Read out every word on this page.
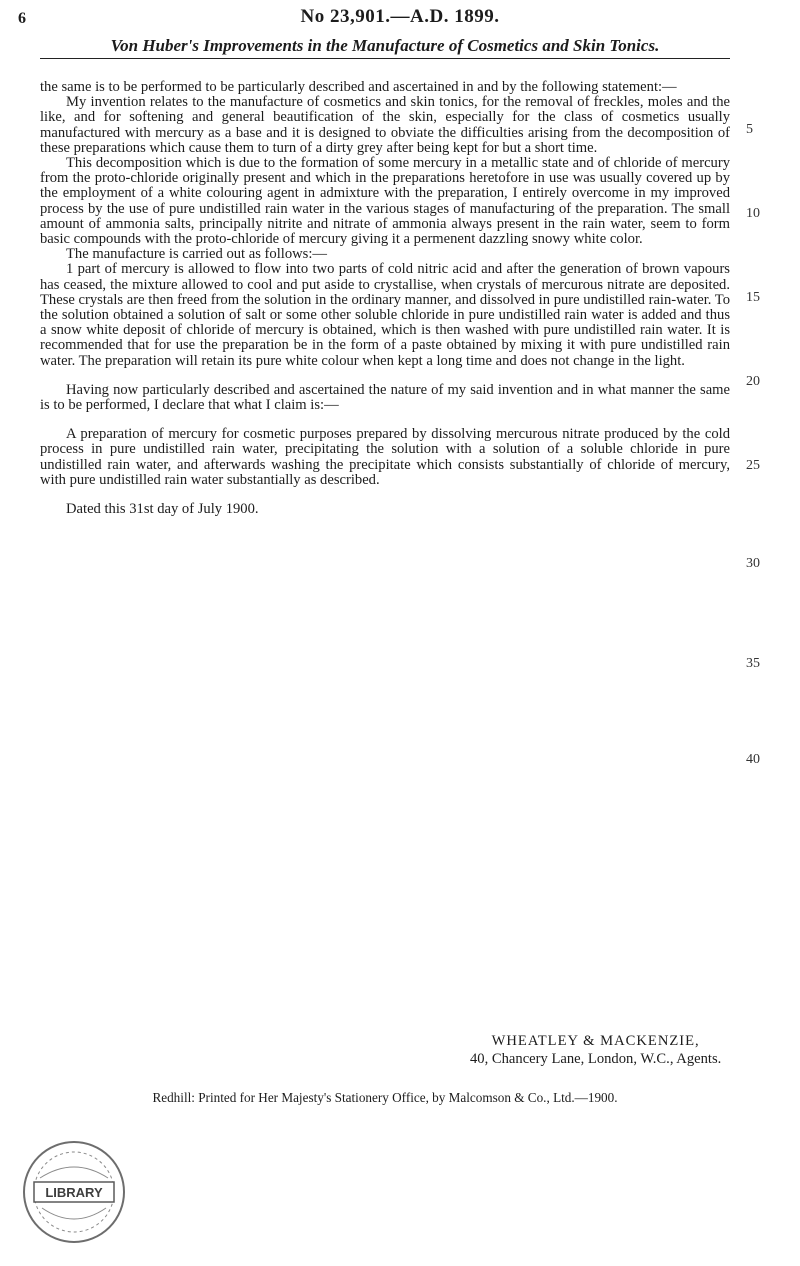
6	No 23,901.—A.D. 1899.
Von Huber's Improvements in the Manufacture of Cosmetics and Skin Tonics.

the same is to be performed to be particularly described and ascertained in and by the following statement:—

My invention relates to the manufacture of cosmetics and skin tonics, for the removal of freckles, moles and the like, and for softening and general beautification of the skin, especially for the class of cosmetics usually manufactured with mercury as a base and it is designed to obviate the difficulties arising from the decomposition of these preparations which cause them to turn of a dirty grey after being kept for but a short time.

This decomposition which is due to the formation of some mercury in a metallic state and of chloride of mercury from the proto-chloride originally present and which in the preparations heretofore in use was usually covered up by the employment of a white colouring agent in admixture with the preparation, I entirely overcome in my improved process by the use of pure undistilled rain water in the various stages of manufacturing of the preparation. The small amount of ammonia salts, principally nitrite and nitrate of ammonia always present in the rain water, seem to form basic compounds with the proto-chloride of mercury giving it a permenent dazzling snowy white color.

The manufacture is carried out as follows:—

1 part of mercury is allowed to flow into two parts of cold nitric acid and after the generation of brown vapours has ceased, the mixture allowed to cool and put aside to crystallise, when crystals of mercurous nitrate are deposited. These crystals are then freed from the solution in the ordinary manner, and dissolved in pure undistilled rain-water. To the solution obtained a solution of salt or some other soluble chloride in pure undistilled rain water is added and thus a snow white deposit of chloride of mercury is obtained, which is then washed with pure undistilled rain water. It is recommended that for use the preparation be in the form of a paste obtained by mixing it with pure undistilled rain water. The preparation will retain its pure white colour when kept a long time and does not change in the light.

Having now particularly described and ascertained the nature of my said invention and in what manner the same is to be performed, I declare that what I claim is:—

A preparation of mercury for cosmetic purposes prepared by dissolving mercurous nitrate produced by the cold process in pure undistilled rain water, precipitating the solution with a solution of a soluble chloride in pure undistilled rain water, and afterwards washing the precipitate which consists substantially of chloride of mercury, with pure undistilled rain water substantially as described.

Dated this 31st day of July 1900.

WHEATLEY & MACKENZIE,
40, Chancery Lane, London, W.C., Agents.
5
10
15
20
25
30
35
40
Redhill: Printed for Her Majesty's Stationery Office, by Malcomson & Co., Ltd.—1900.
LIBRARY
